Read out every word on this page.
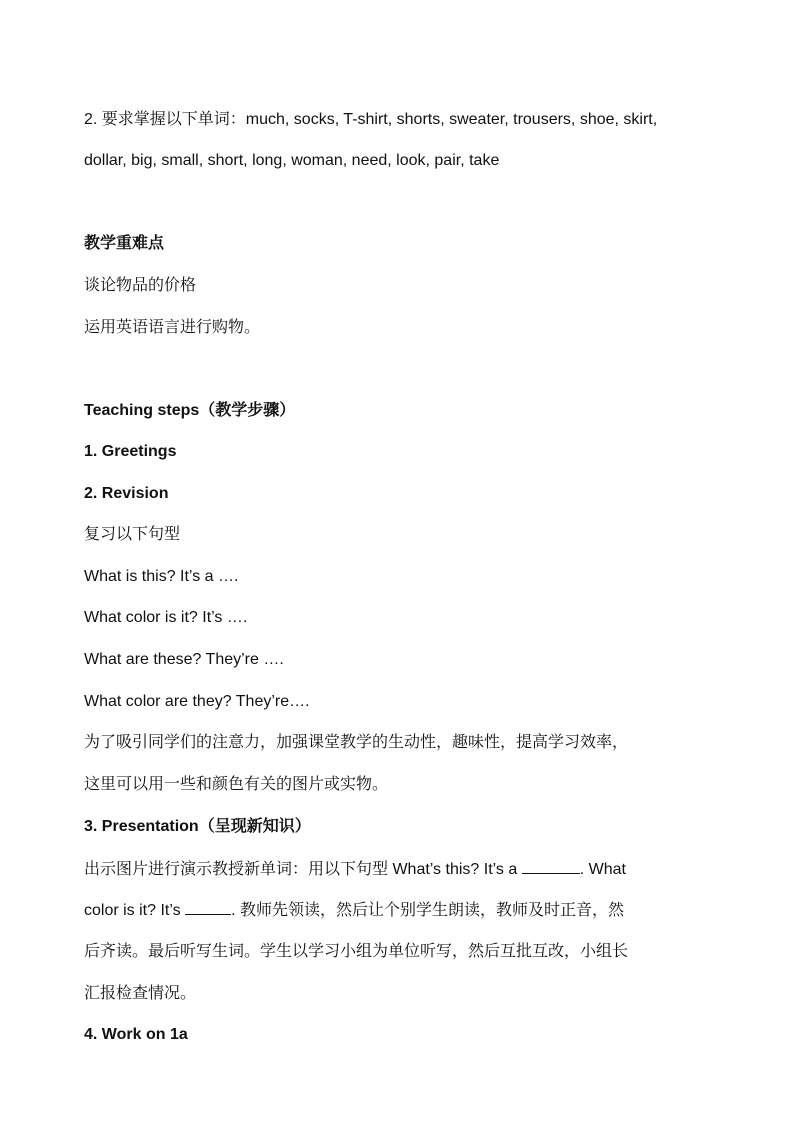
2. 要求掌握以下单词：much, socks, T-shirt, shorts, sweater, trousers, shoe, skirt,
dollar, big, small, short, long, woman, need, look, pair, take
教学重难点
谈论物品的价格
运用英语语言进行购物。
Teaching steps（教学步骤）
1. Greetings
2. Revision
复习以下句型
What is this? It’s a ….
What color is it? It’s ….
What are these? They’re ….
What color are they? They’re….
为了吸引同学们的注意力，加强课堂教学的生动性，趣味性，提高学习效率，
这里可以用一些和颜色有关的图片或实物。
3. Presentation（呈现新知识）
出示图片进行演示教授新单词：用以下句型 What’s this? It’s a	. What
color is it? It’s	. 教师先领读，然后让个别学生朗读，教师及时正音，然
后齐读。最后听写生词。学生以学习小组为单位听写，然后互批互改，小组长
汇报检查情况。
4. Work on 1a
